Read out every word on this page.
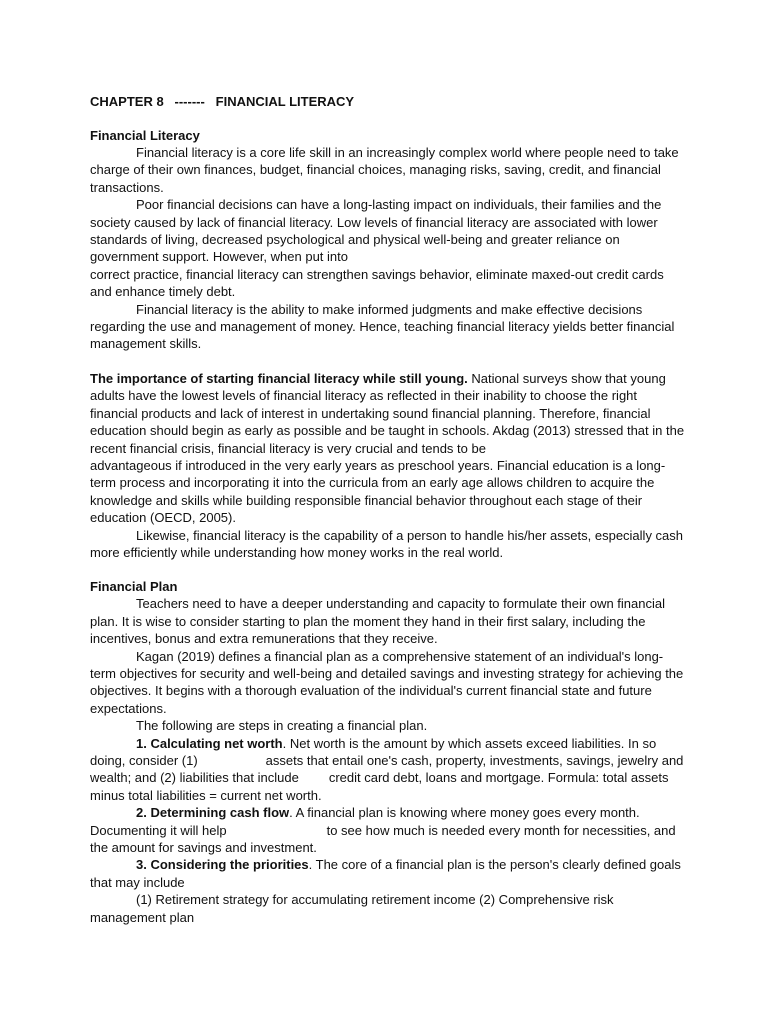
CHAPTER 8   -------   FINANCIAL LITERACY
Financial Literacy

Financial literacy is a core life skill in an increasingly complex world where people need to take charge of their own finances, budget, financial choices, managing risks, saving, credit, and financial transactions.

Poor financial decisions can have a long-lasting impact on individuals, their families and the society caused by lack of financial literacy. Low levels of financial literacy are associated with lower standards of living, decreased psychological and physical well-being and greater reliance on government support. However, when put into

correct practice, financial literacy can strengthen savings behavior, eliminate maxed-out credit cards and enhance timely debt.

Financial literacy is the ability to make informed judgments and make effective decisions regarding the use and management of money. Hence, teaching financial literacy yields better financial management skills.

The importance of starting financial literacy while still young. National surveys show that young adults have the lowest levels of financial literacy as reflected in their inability to choose the right financial products and lack of interest in undertaking sound financial planning. Therefore, financial education should begin as early as possible and be taught in schools. Akdag (2013) stressed that in the recent financial crisis, financial literacy is very crucial and tends to be

advantageous if introduced in the very early years as preschool years. Financial education is a long-term process and incorporating it into the curricula from an early age allows children to acquire the knowledge and skills while building responsible financial behavior throughout each stage of their education (OECD, 2005).

Likewise, financial literacy is the capability of a person to handle his/her assets, especially cash more efficiently while understanding how money works in the real world.

Financial Plan

Teachers need to have a deeper understanding and capacity to formulate their own financial plan. It is wise to consider starting to plan the moment they hand in their first salary, including the incentives, bonus and extra remunerations that they receive.

Kagan (2019) defines a financial plan as a comprehensive statement of an individual's long-term objectives for security and well-being and detailed savings and investing strategy for achieving the objectives. It begins with a thorough evaluation of the individual's current financial state and future expectations.

The following are steps in creating a financial plan.

1. Calculating net worth. Net worth is the amount by which assets exceed liabilities. In so doing, consider (1)	assets that entail one's cash, property, investments, savings, jewelry and wealth; and (2) liabilities that include credit card debt, loans and mortgage. Formula: total assets minus total liabilities = current net worth.

2. Determining cash flow. A financial plan is knowing where money goes every month. Documenting it will help	to see how much is needed every month for necessities, and the amount for savings and investment.

3. Considering the priorities. The core of a financial plan is the person's clearly defined goals that may include

(1) Retirement strategy for accumulating retirement income (2) Comprehensive risk management plan
